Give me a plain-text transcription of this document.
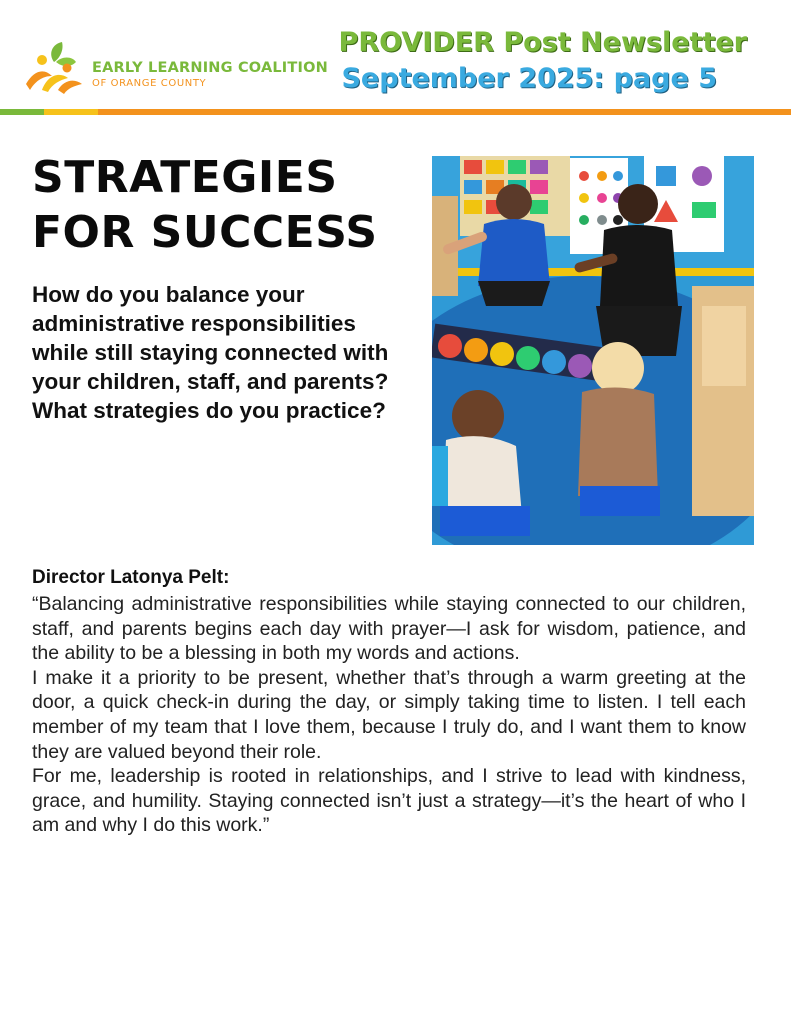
EARLY LEARNING COALITION
OF ORANGE COUNTY
PROVIDER Post Newsletter
September 2025: page 5
STRATEGIES
FOR SUCCESS

How do you balance your administrative responsibilities while still staying connected with your children, staff, and parents? What strategies do you practice?

Director Latonya Pelt:

“Balancing administrative responsibilities while staying connected to our children, staff, and parents begins each day with prayer—I ask for wisdom, patience, and the ability to be a blessing in both my words and actions.

I make it a priority to be present, whether that’s through a warm greeting at the door, a quick check-in during the day, or simply taking time to listen. I tell each member of my team that I love them, because I truly do, and I want them to know they are valued beyond their role.

For me, leadership is rooted in relationships, and I strive to lead with kindness, grace, and humility. Staying connected isn’t just a strategy—it’s the heart of who I am and why I do this work.”
